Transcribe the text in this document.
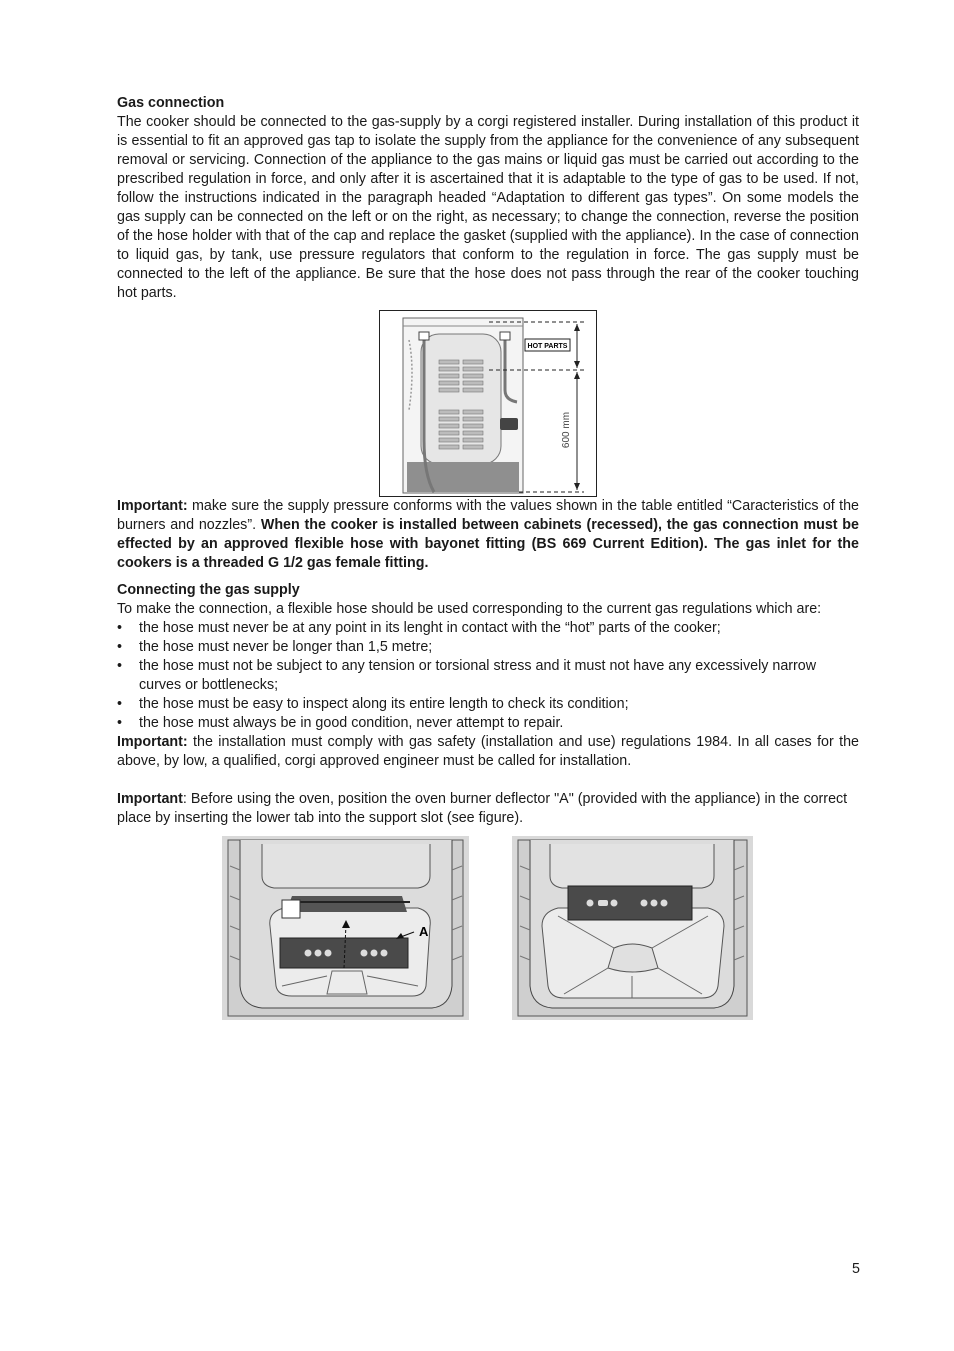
Gas connection

The cooker should be connected to the gas-supply by a corgi registered installer. During installation of this product it is essential to fit an approved gas tap to isolate the supply from the appliance for the convenience of any subsequent removal or servicing. Connection of the appliance to the gas mains or liquid gas must be carried out according to the prescribed regulation in force, and only after it is ascertained that it is adaptable to the type of gas to be used. If not, follow the instructions indicated in the paragraph headed “Adaptation to different gas types”. On some models the gas supply can be connected on the left or on the right, as necessary; to change the connection, reverse the position of the hose holder with that of the cap and replace the gasket (supplied with the appliance). In the case of connection to liquid gas, by tank, use pressure regulators that conform to the regulation in force. The gas supply must be connected to the left of the appliance. Be sure that the hose does not pass through the rear of the cooker touching hot parts.

HOT PARTS
600 mm

Important: make sure the supply pressure conforms with the values shown in the table entitled “Caracteristics of the burners and nozzles”. When the cooker is installed between cabinets (recessed), the gas connection must be effected by an approved flexible hose with bayonet fitting (BS 669 Current Edition). The gas inlet for the cookers is a threaded G 1/2 gas female fitting.

Connecting the gas supply

To make the connection, a flexible hose should be used corresponding to the current gas regulations which are:

• the hose must never be at any point in its lenght in contact with the “hot” parts of the cooker;
• the hose must never be longer than 1,5 metre;
• the hose must not be subject to any tension or torsional stress and it must not have any excessively narrow curves or bottlenecks;
• the hose must be easy to inspect along its entire length to check its condition;
• the hose must always be in good condition, never attempt to repair.

Important: the installation must comply with gas safety (installation and use) regulations 1984. In all cases for the above, by low, a qualified, corgi approved engineer must be called for installation.

Important: Before using the oven, position the oven burner deflector "A" (provided with the appliance) in the correct place by inserting the lower tab into the support slot (see figure).

A
5
